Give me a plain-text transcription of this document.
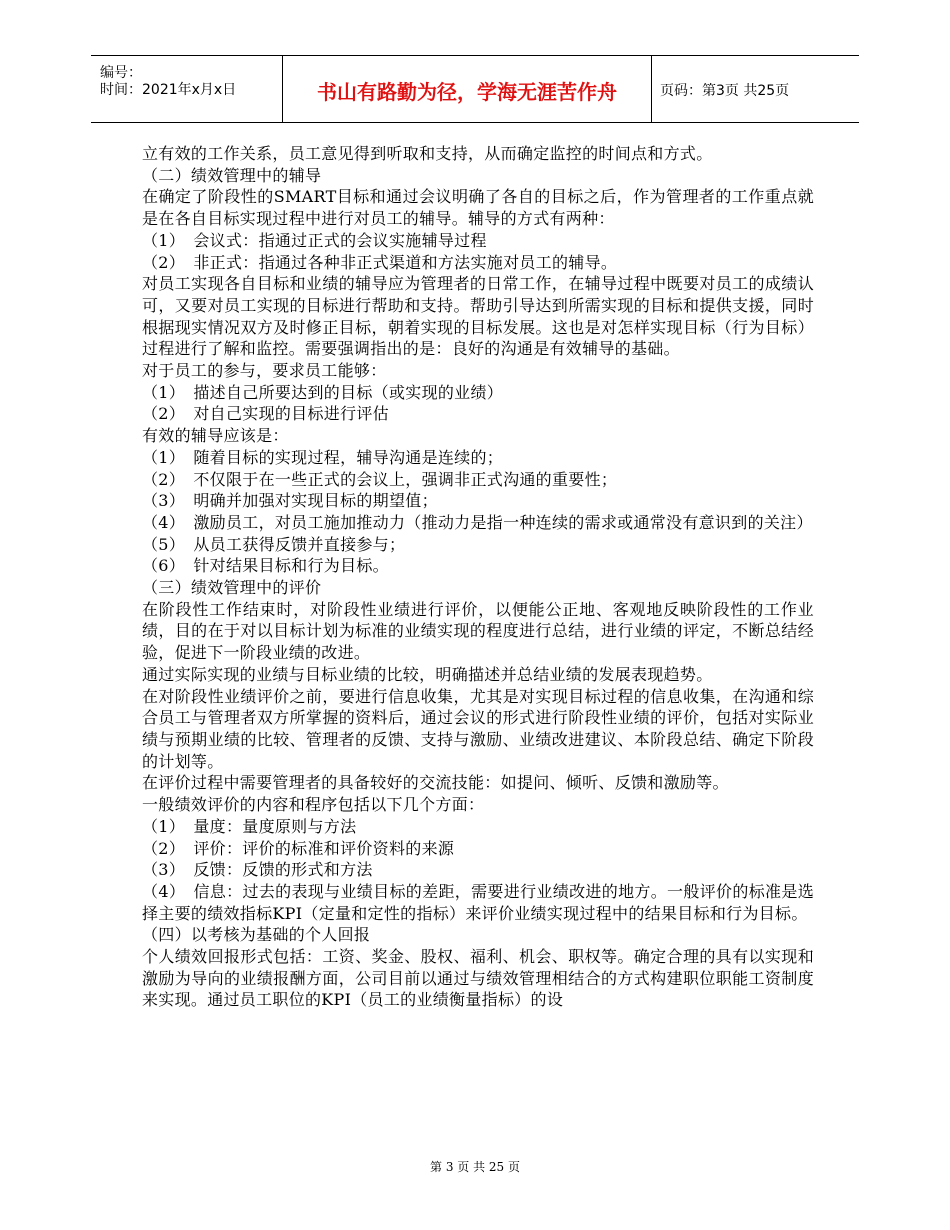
编号：
时间：2021年x月x日	书山有路勤为径，学海无涯苦作舟	页码：第3页 共25页

立有效的工作关系，员工意见得到听取和支持，从而确定监控的时间点和方式。

（二）绩效管理中的辅导

在确定了阶段性的SMART目标和通过会议明确了各自的目标之后，作为管理者的工作重点就是在各自目标实现过程中进行对员工的辅导。辅导的方式有两种：

（1）　会议式：指通过正式的会议实施辅导过程

（2）　非正式：指通过各种非正式渠道和方法实施对员工的辅导。

对员工实现各自目标和业绩的辅导应为管理者的日常工作，在辅导过程中既要对员工的成绩认可，又要对员工实现的目标进行帮助和支持。帮助引导达到所需实现的目标和提供支援，同时根据现实情况双方及时修正目标，朝着实现的目标发展。这也是对怎样实现目标（行为目标）过程进行了解和监控。需要强调指出的是：良好的沟通是有效辅导的基础。

对于员工的参与，要求员工能够：

（1）　描述自己所要达到的目标（或实现的业绩）

（2）　对自己实现的目标进行评估

有效的辅导应该是：

（1）　随着目标的实现过程，辅导沟通是连续的；

（2）　不仅限于在一些正式的会议上，强调非正式沟通的重要性；

（3）　明确并加强对实现目标的期望值；

（4）　激励员工，对员工施加推动力（推动力是指一种连续的需求或通常没有意识到的关注）

（5）　从员工获得反馈并直接参与；

（6）　针对结果目标和行为目标。

（三）绩效管理中的评价

在阶段性工作结束时，对阶段性业绩进行评价，以便能公正地、客观地反映阶段性的工作业绩，目的在于对以目标计划为标准的业绩实现的程度进行总结，进行业绩的评定，不断总结经验，促进下一阶段业绩的改进。

通过实际实现的业绩与目标业绩的比较，明确描述并总结业绩的发展表现趋势。

在对阶段性业绩评价之前，要进行信息收集，尤其是对实现目标过程的信息收集，在沟通和综合员工与管理者双方所掌握的资料后，通过会议的形式进行阶段性业绩的评价，包括对实际业绩与预期业绩的比较、管理者的反馈、支持与激励、业绩改进建议、本阶段总结、确定下阶段的计划等。

在评价过程中需要管理者的具备较好的交流技能：如提问、倾听、反馈和激励等。

一般绩效评价的内容和程序包括以下几个方面：

（1）　量度：量度原则与方法

（2）　评价：评价的标准和评价资料的来源

（3）　反馈：反馈的形式和方法

（4）　信息：过去的表现与业绩目标的差距，需要进行业绩改进的地方。一般评价的标准是选择主要的绩效指标KPI（定量和定性的指标）来评价业绩实现过程中的结果目标和行为目标。

（四）以考核为基础的个人回报

个人绩效回报形式包括：工资、奖金、股权、福利、机会、职权等。确定合理的具有以实现和激励为导向的业绩报酬方面，公司目前以通过与绩效管理相结合的方式构建职位职能工资制度来实现。通过员工职位的KPI（员工的业绩衡量指标）的设

第 3 页 共 25 页
